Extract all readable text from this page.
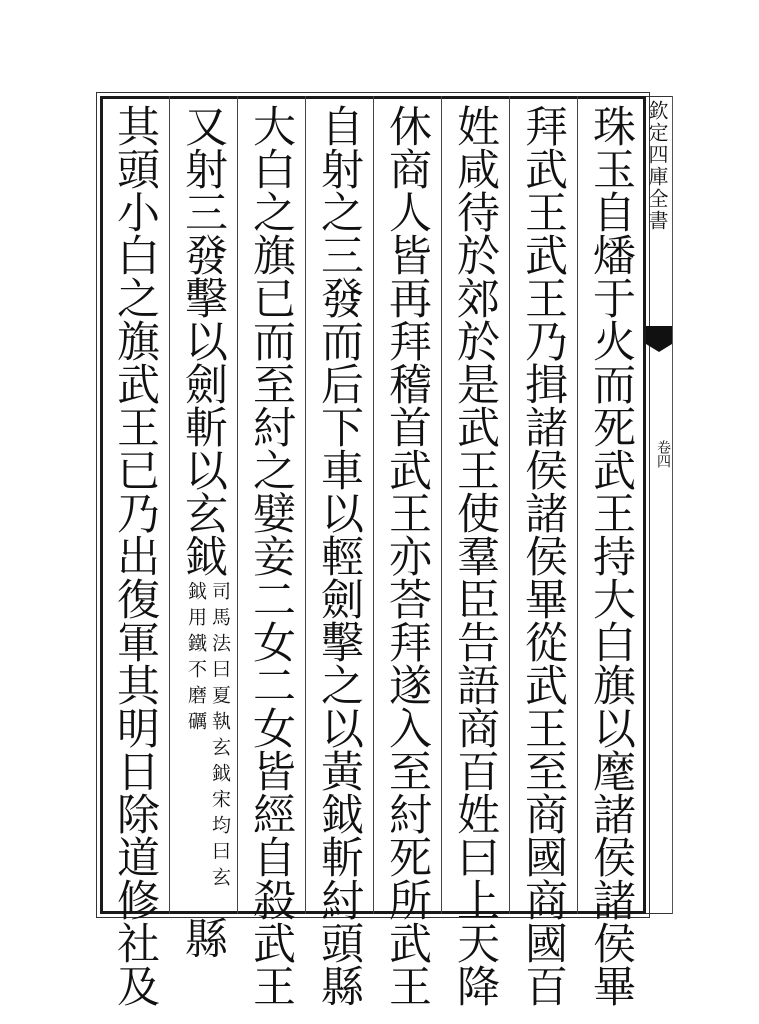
欽定四庫全書
卷四
珠玉自燔于火而死武王持大白旗以麾諸侯諸侯畢
拜武王武王乃揖諸侯諸侯畢從武王至商國商國百
姓咸待於郊於是武王使羣臣告語商百姓曰上天降
休商人皆再拜稽首武王亦荅拜遂入至紂死所武王
自射之三發而后下車以輕劍擊之以黃鉞斬紂頭縣
大白之旗已而至紂之嬖妾二女二女皆經自殺武王
又射三發擊以劍斬以玄鉞司馬法曰夏執玄鉞宋均曰玄鉞用鐵不磨礪縣
其頭小白之旗武王已乃出復軍其明日除道修社及
